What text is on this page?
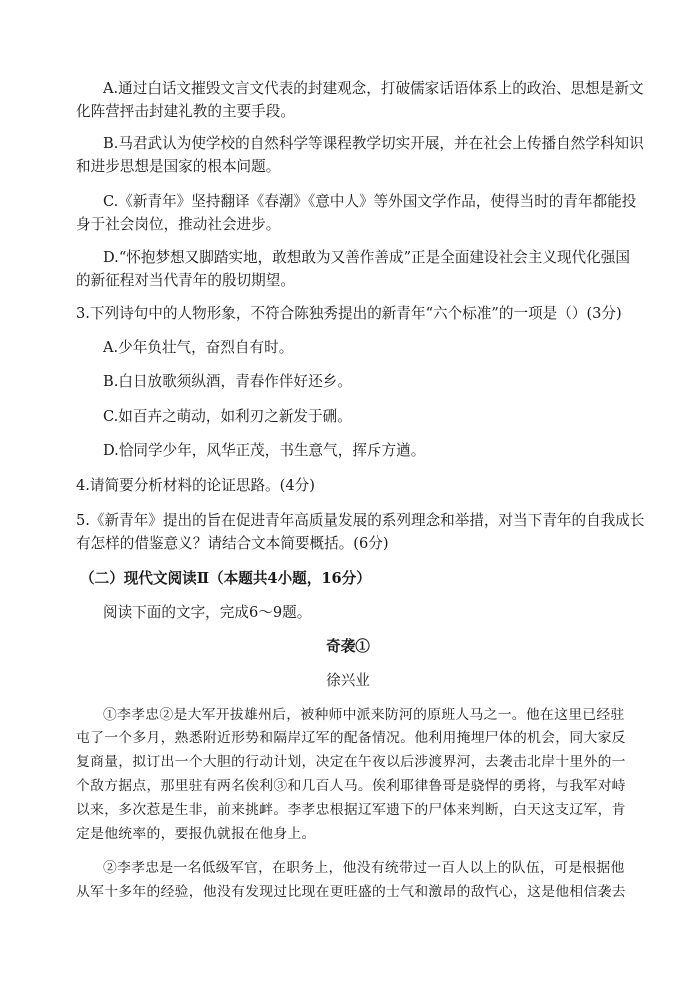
A.通过白话文摧毁文言文代表的封建观念，打破儒家话语体系上的政治、思想是新文
化阵营抨击封建礼教的主要手段。
B.马君武认为使学校的自然科学等课程教学切实开展，并在社会上传播自然学科知识
和进步思想是国家的根本问题。
C.《新青年》坚持翻译《春潮》《意中人》等外国文学作品，使得当时的青年都能投
身于社会岗位，推动社会进步。
D.“怀抱梦想又脚踏实地，敢想敢为又善作善成”正是全面建设社会主义现代化强国
的新征程对当代青年的殷切期望。
3.下列诗句中的人物形象，不符合陈独秀提出的新青年“六个标准”的一项是（）(3分)
A.少年负壮气，奋烈自有时。
B.白日放歌须纵酒，青春作伴好还乡。
C.如百卉之萌动，如利刃之新发于硎。
D.恰同学少年，风华正茂，书生意气，挥斥方遒。
4.请简要分析材料的论证思路。(4分)
5.《新青年》提出的旨在促进青年高质量发展的系列理念和举措，对当下青年的自我成长
有怎样的借鉴意义？请结合文本简要概括。(6分)
（二）现代文阅读Ⅱ（本题共4小题，16分）
阅读下面的文字，完成6～9题。
奇袭①
徐兴业
①李孝忠②是大军开拔雄州后，被种师中派来防河的原班人马之一。他在这里已经驻
屯了一个多月，熟悉附近形势和隔岸辽军的配备情况。他利用掩埋尸体的机会，同大家反
复商量，拟订出一个大胆的行动计划，决定在午夜以后涉渡界河，去袭击北岸十里外的一
个敌方据点，那里驻有两名俟利③和几百人马。俟利耶律鲁哥是骁悍的勇将，与我军对峙
以来，多次惹是生非，前来挑衅。李孝忠根据辽军遗下的尸体来判断，白天这支辽军，肯
定是他统率的，要报仇就报在他身上。
②李孝忠是一名低级军官，在职务上，他没有统带过一百人以上的队伍，可是根据他
从军十多年的经验，他没有发现过比现在更旺盛的士气和激昂的敌忾心，这是他相信袭去
